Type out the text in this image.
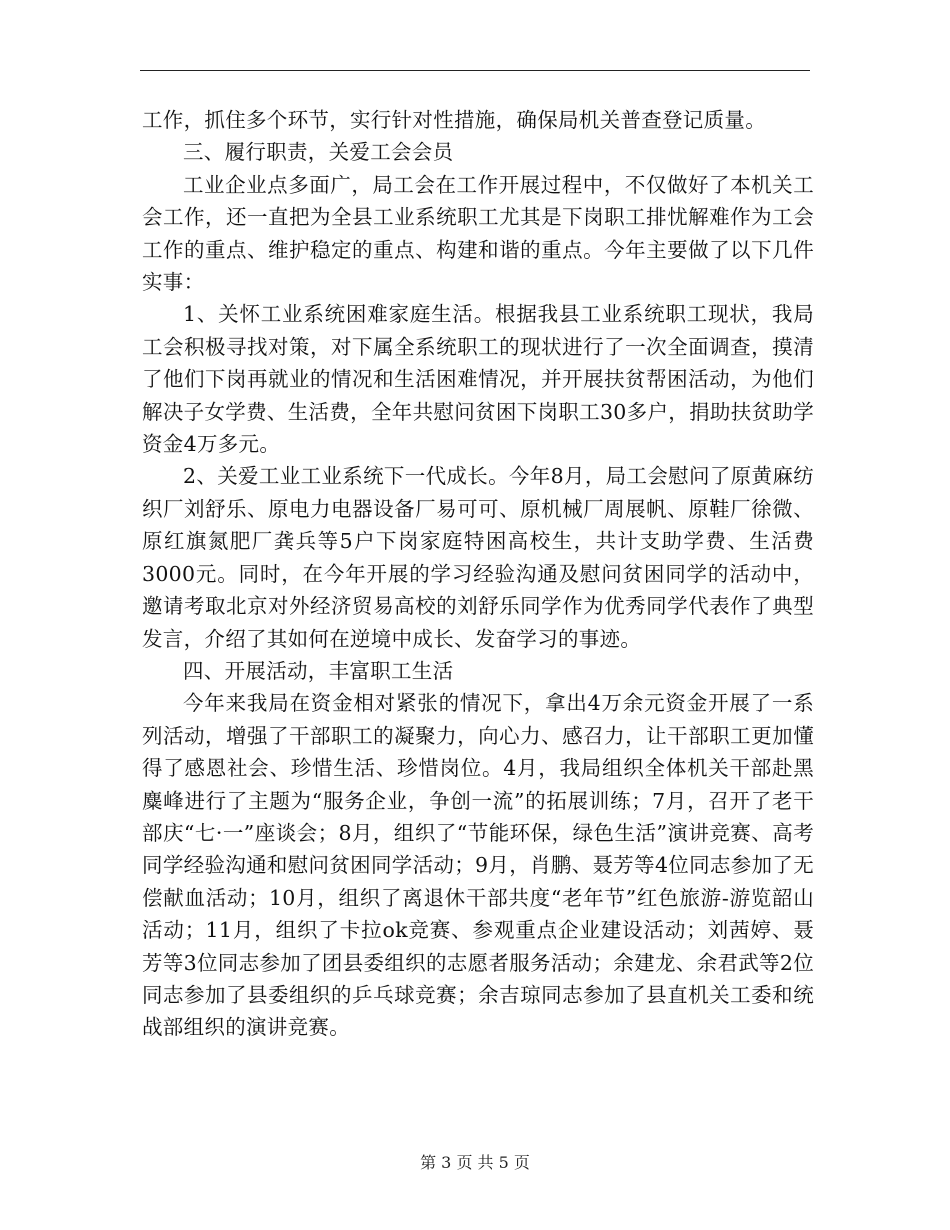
工作，抓住多个环节，实行针对性措施，确保局机关普查登记质量。

三、履行职责，关爱工会会员

工业企业点多面广，局工会在工作开展过程中，不仅做好了本机关工会工作，还一直把为全县工业系统职工尤其是下岗职工排忧解难作为工会工作的重点、维护稳定的重点、构建和谐的重点。今年主要做了以下几件实事：

1、关怀工业系统困难家庭生活。根据我县工业系统职工现状，我局工会积极寻找对策，对下属全系统职工的现状进行了一次全面调查，摸清了他们下岗再就业的情况和生活困难情况，并开展扶贫帮困活动，为他们解决子女学费、生活费，全年共慰问贫困下岗职工30多户，捐助扶贫助学资金4万多元。

2、关爱工业工业系统下一代成长。今年8月，局工会慰问了原黄麻纺织厂刘舒乐、原电力电器设备厂易可可、原机械厂周展帆、原鞋厂徐微、原红旗氮肥厂龚兵等5户下岗家庭特困高校生，共计支助学费、生活费3000元。同时，在今年开展的学习经验沟通及慰问贫困同学的活动中，邀请考取北京对外经济贸易高校的刘舒乐同学作为优秀同学代表作了典型发言，介绍了其如何在逆境中成长、发奋学习的事迹。

四、开展活动，丰富职工生活

今年来我局在资金相对紧张的情况下，拿出4万余元资金开展了一系列活动，增强了干部职工的凝聚力，向心力、感召力，让干部职工更加懂得了感恩社会、珍惜生活、珍惜岗位。4月，我局组织全体机关干部赴黑麋峰进行了主题为“服务企业，争创一流”的拓展训练；7月，召开了老干部庆“七·一”座谈会；8月，组织了“节能环保，绿色生活”演讲竞赛、高考同学经验沟通和慰问贫困同学活动；9月，肖鹏、聂芳等4位同志参加了无偿献血活动；10月，组织了离退休干部共度“老年节”红色旅游-游览韶山活动；11月，组织了卡拉ok竞赛、参观重点企业建设活动；刘茜婷、聂芳等3位同志参加了团县委组织的志愿者服务活动；余建龙、余君武等2位同志参加了县委组织的乒乓球竞赛；余吉琼同志参加了县直机关工委和统战部组织的演讲竞赛。

第 3 页 共 5 页
